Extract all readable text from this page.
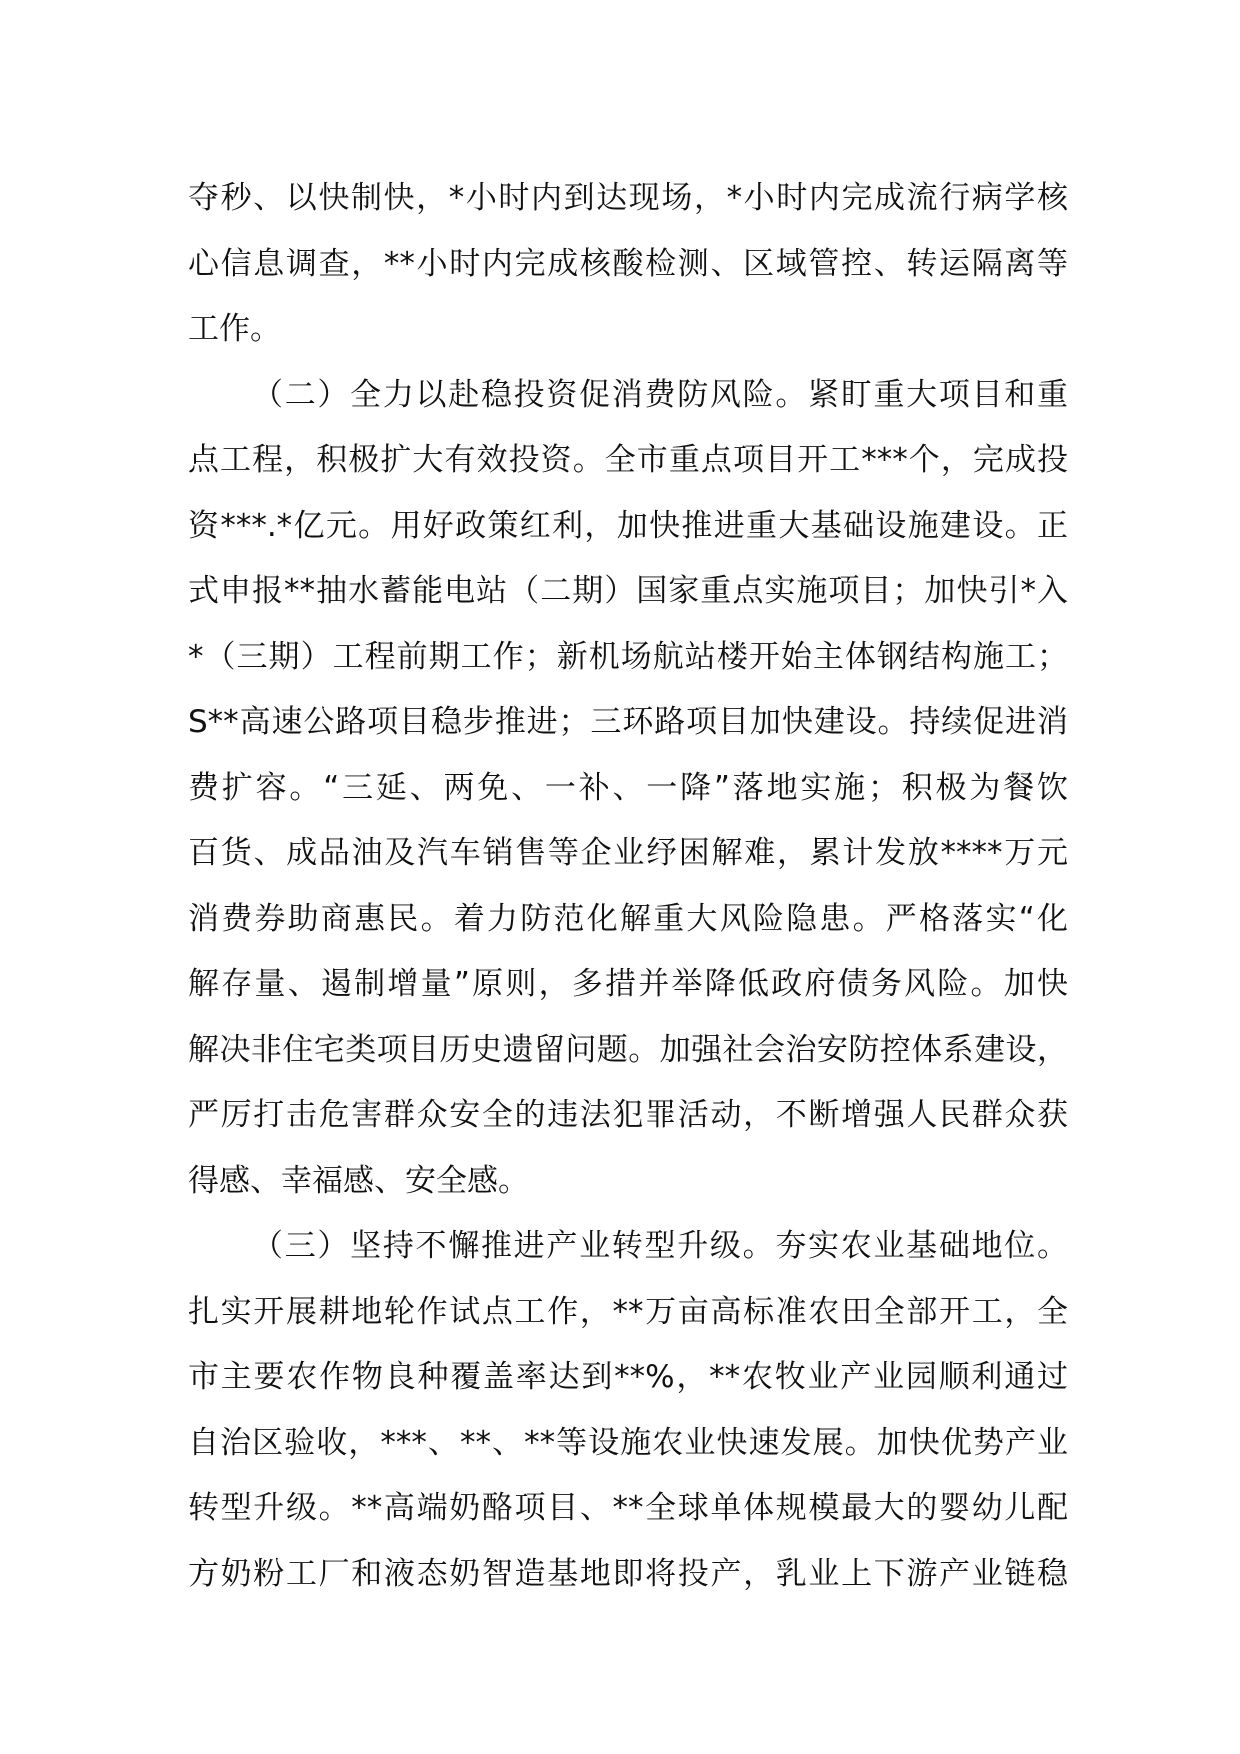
夺秒、以快制快，*小时内到达现场，*小时内完成流行病学核
心信息调查，**小时内完成核酸检测、区域管控、转运隔离等
工作。
（二）全力以赴稳投资促消费防风险。紧盯重大项目和重
点工程，积极扩大有效投资。全市重点项目开工***个，完成投
资***.*亿元。用好政策红利，加快推进重大基础设施建设。正
式申报**抽水蓄能电站（二期）国家重点实施项目；加快引*入
*（三期）工程前期工作；新机场航站楼开始主体钢结构施工；
S**高速公路项目稳步推进；三环路项目加快建设。持续促进消
费扩容。“三延、两免、一补、一降”落地实施；积极为餐饮
百货、成品油及汽车销售等企业纾困解难，累计发放****万元
消费券助商惠民。着力防范化解重大风险隐患。严格落实“化
解存量、遏制增量”原则，多措并举降低政府债务风险。加快
解决非住宅类项目历史遗留问题。加强社会治安防控体系建设，
严厉打击危害群众安全的违法犯罪活动，不断增强人民群众获
得感、幸福感、安全感。
（三）坚持不懈推进产业转型升级。夯实农业基础地位。
扎实开展耕地轮作试点工作，**万亩高标准农田全部开工，全
市主要农作物良种覆盖率达到**%，**农牧业产业园顺利通过
自治区验收，***、**、**等设施农业快速发展。加快优势产业
转型升级。**高端奶酪项目、**全球单体规模最大的婴幼儿配
方奶粉工厂和液态奶智造基地即将投产，乳业上下游产业链稳
